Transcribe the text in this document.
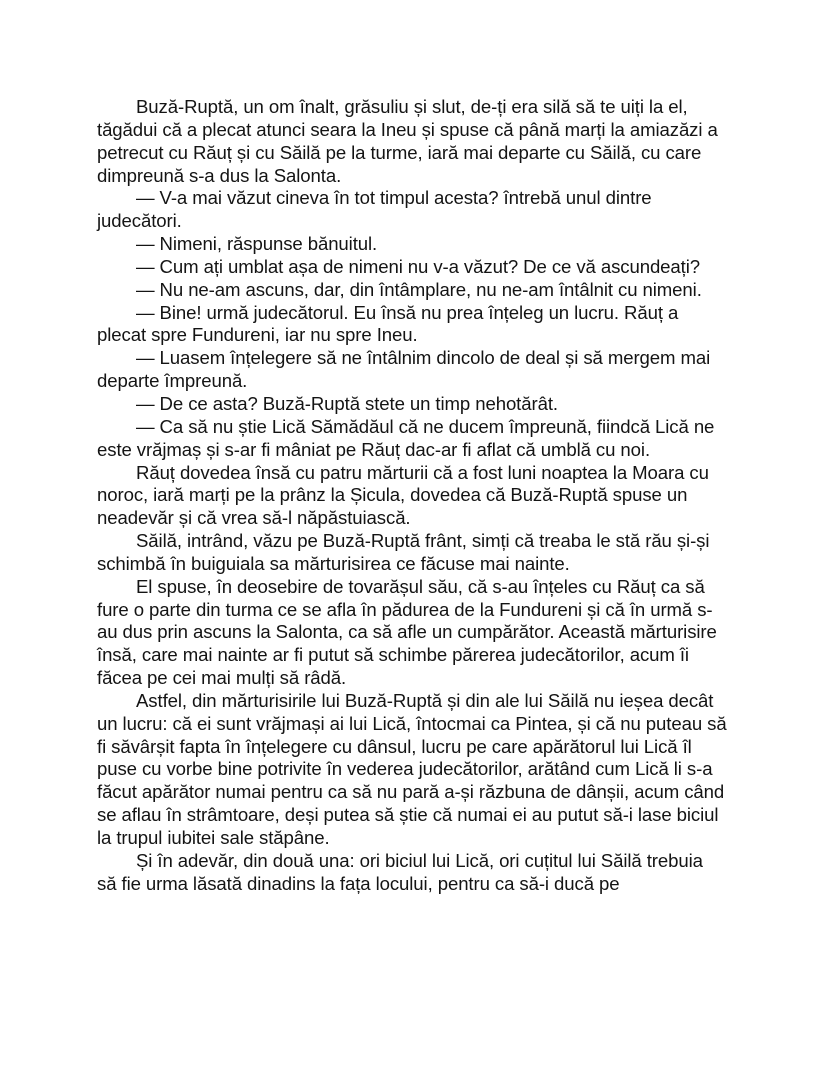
Buză-Ruptă, un om înalt, grăsuliu și slut, de-ți era silă să te uiți la el, tăgădui că a plecat atunci seara la Ineu și spuse că până marți la amiazăzi a petrecut cu Răuț și cu Săilă pe la turme, iară mai departe cu Săilă, cu care dimpreună s-a dus la Salonta.

— V-a mai văzut cineva în tot timpul acesta? întrebă unul dintre judecători.

— Nimeni, răspunse bănuitul.

— Cum ați umblat așa de nimeni nu v-a văzut? De ce vă ascundeați?

— Nu ne-am ascuns, dar, din întâmplare, nu ne-am întâlnit cu nimeni.

— Bine! urmă judecătorul. Eu însă nu prea înțeleg un lucru. Răuț a plecat spre Fundureni, iar nu spre Ineu.

— Luasem înțelegere să ne întâlnim dincolo de deal și să mergem mai departe împreună.

— De ce asta? Buză-Ruptă stete un timp nehotărât.

— Ca să nu știe Lică Sămădăul că ne ducem împreună, fiindcă Lică ne este vrăjmaș și s-ar fi mâniat pe Răuț dac-ar fi aflat că umblă cu noi.

Răuț dovedea însă cu patru mărturii că a fost luni noaptea la Moara cu noroc, iară marți pe la prânz la Șicula, dovedea că Buză-Ruptă spuse un neadevăr și că vrea să-l năpăstuiască.

Săilă, intrând, văzu pe Buză-Ruptă frânt, simți că treaba le stă rău și-și schimbă în buiguiala sa mărturisirea ce făcuse mai nainte.

El spuse, în deosebire de tovarășul său, că s-au înțeles cu Răuț ca să fure o parte din turma ce se afla în pădurea de la Fundureni și că în urmă s-au dus prin ascuns la Salonta, ca să afle un cumpărător. Această mărturisire însă, care mai nainte ar fi putut să schimbe părerea judecătorilor, acum îi făcea pe cei mai mulți să râdă.

Astfel, din mărturisirile lui Buză-Ruptă și din ale lui Săilă nu ieșea decât un lucru: că ei sunt vrăjmași ai lui Lică, întocmai ca Pintea, și că nu puteau să fi săvârșit fapta în înțelegere cu dânsul, lucru pe care apărătorul lui Lică îl puse cu vorbe bine potrivite în vederea judecătorilor, arătând cum Lică li s-a făcut apărător numai pentru ca să nu pară a-și răzbuna de dânșii, acum când se aflau în strâmtoare, deși putea să știe că numai ei au putut să-i lase biciul la trupul iubitei sale stăpâne.

Și în adevăr, din două una: ori biciul lui Lică, ori cuțitul lui Săilă trebuia să fie urma lăsată dinadins la fața locului, pentru ca să-i ducă pe
